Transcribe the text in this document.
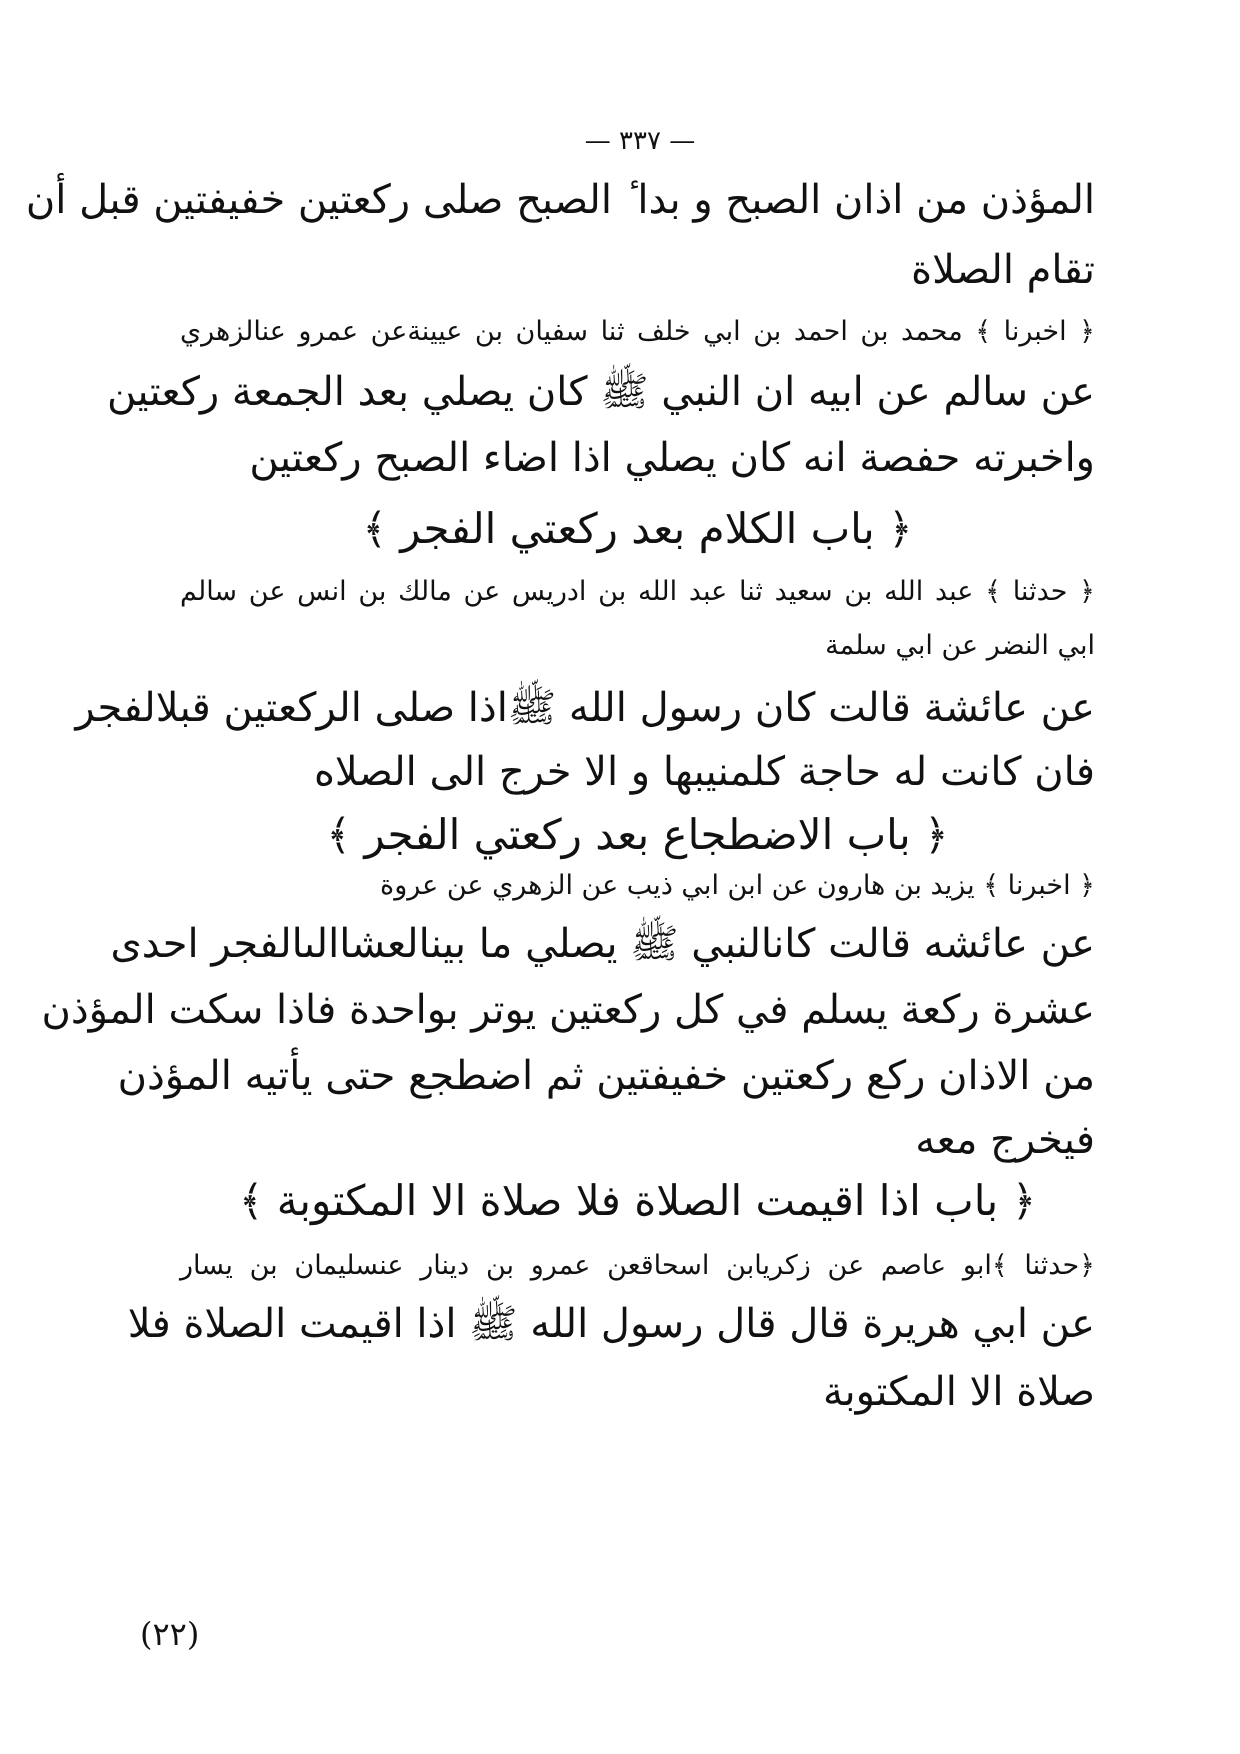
— ٣٣٧ —
المؤذن من اذان الصبح و بدا ٔ الصبح صلى ركعتين خفيفتين قبل أن
تقام الصلاة
﴿ اخبرنا ﴾ محمد بن احمد بن ابي خلف ثنا سفيان بن عيينةعن عمرو عنالزهري
عن سالم عن ابيه ان النبي ﷺ كان يصلي بعد الجمعة ركعتين
واخبرته حفصة انه كان يصلي اذا اضاء الصبح ركعتين
﴿ باب الكلام بعد ركعتي الفجر ﴾
﴿ حدثنا ﴾ عبد الله بن سعيد ثنا عبد الله بن ادريس عن مالك بن انس عن سالم
ابي النضر عن ابي سلمة
عن عائشة قالت كان رسول الله ﷺاذا صلى الركعتين قبلالفجر
فان كانت له حاجة كلمنيبها و الا خرج الى الصلاه
﴿ باب الاضطجاع بعد ركعتي الفجر ﴾
﴿ اخبرنا ﴾ يزيد بن هارون عن ابن ابي ذيب عن الزهري عن عروة
عن عائشه قالت كانالنبي ﷺ يصلي ما بينالعشاالىالفجر احدى
عشرة ركعة يسلم في كل ركعتين يوتر بواحدة فاذا سكت المؤذن
من الاذان ركع ركعتين خفيفتين ثم اضطجع حتى يأتيه المؤذن
فيخرج معه
﴿ باب اذا اقيمت الصلاة فلا صلاة الا المكتوبة ﴾
﴿حدثنا ﴾ابو عاصم عن زكريابن اسحاقعن عمرو بن دينار عنسليمان بن يسار
عن ابي هريرة قال قال رسول الله ﷺ اذا اقيمت الصلاة فلا
صلاة الا المكتوبة
(٢٢)
